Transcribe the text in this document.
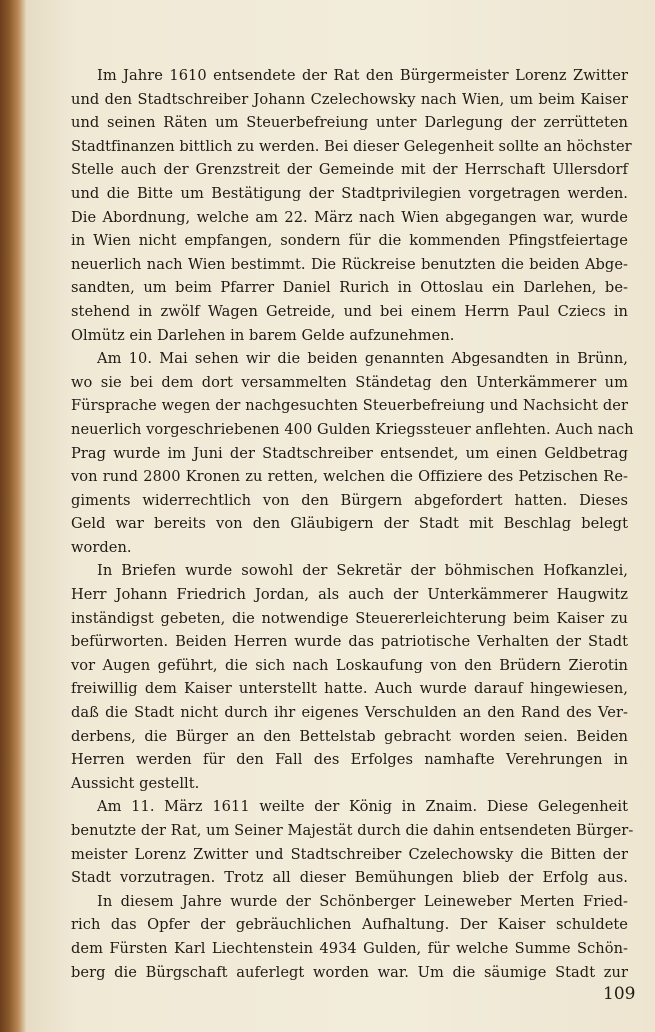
Im Jahre 1610 entsendete der Rat den Bürgermeister Lorenz Zwitter
und den Stadtschreiber Johann Czelechowsky nach Wien, um beim Kaiser
und seinen Räten um Steuerbefreiung unter Darlegung der zerrütteten
Stadtfinanzen bittlich zu werden. Bei dieser Gelegenheit sollte an höchster
Stelle auch der Grenzstreit der Gemeinde mit der Herrschaft Ullersdorf
und die Bitte um Bestätigung der Stadtprivilegien vorgetragen werden.
Die Abordnung, welche am 22. März nach Wien abgegangen war, wurde
in Wien nicht empfangen, sondern für die kommenden Pfingstfeiertage
neuerlich nach Wien bestimmt. Die Rückreise benutzten die beiden Abge-
sandten, um beim Pfarrer Daniel Rurich in Ottoslau ein Darlehen, be-
stehend in zwölf Wagen Getreide, und bei einem Herrn Paul Cziecs in
Olmütz ein Darlehen in barem Gelde aufzunehmen.
Am 10. Mai sehen wir die beiden genannten Abgesandten in Brünn,
wo sie bei dem dort versammelten Ständetag den Unterkämmerer um
Fürsprache wegen der nachgesuchten Steuerbefreiung und Nachsicht der
neuerlich vorgeschriebenen 400 Gulden Kriegssteuer anflehten. Auch nach
Prag wurde im Juni der Stadtschreiber entsendet, um einen Geldbetrag
von rund 2800 Kronen zu retten, welchen die Offiziere des Petzischen Re-
giments widerrechtlich von den Bürgern abgefordert hatten. Dieses
Geld war bereits von den Gläubigern der Stadt mit Beschlag belegt
worden.
In Briefen wurde sowohl der Sekretär der böhmischen Hofkanzlei,
Herr Johann Friedrich Jordan, als auch der Unterkämmerer Haugwitz
inständigst gebeten, die notwendige Steuererleichterung beim Kaiser zu
befürworten. Beiden Herren wurde das patriotische Verhalten der Stadt
vor Augen geführt, die sich nach Loskaufung von den Brüdern Zierotin
freiwillig dem Kaiser unterstellt hatte. Auch wurde darauf hingewiesen,
daß die Stadt nicht durch ihr eigenes Verschulden an den Rand des Ver-
derbens, die Bürger an den Bettelstab gebracht worden seien. Beiden
Herren werden für den Fall des Erfolges namhafte Verehrungen in
Aussicht gestellt.
Am 11. März 1611 weilte der König in Znaim. Diese Gelegenheit
benutzte der Rat, um Seiner Majestät durch die dahin entsendeten Bürger-
meister Lorenz Zwitter und Stadtschreiber Czelechowsky die Bitten der
Stadt vorzutragen. Trotz all dieser Bemühungen blieb der Erfolg aus.
In diesem Jahre wurde der Schönberger Leineweber Merten Fried-
rich das Opfer der gebräuchlichen Aufhaltung. Der Kaiser schuldete
dem Fürsten Karl Liechtenstein 4934 Gulden, für welche Summe Schön-
berg die Bürgschaft auferlegt worden war. Um die säumige Stadt zur
109
